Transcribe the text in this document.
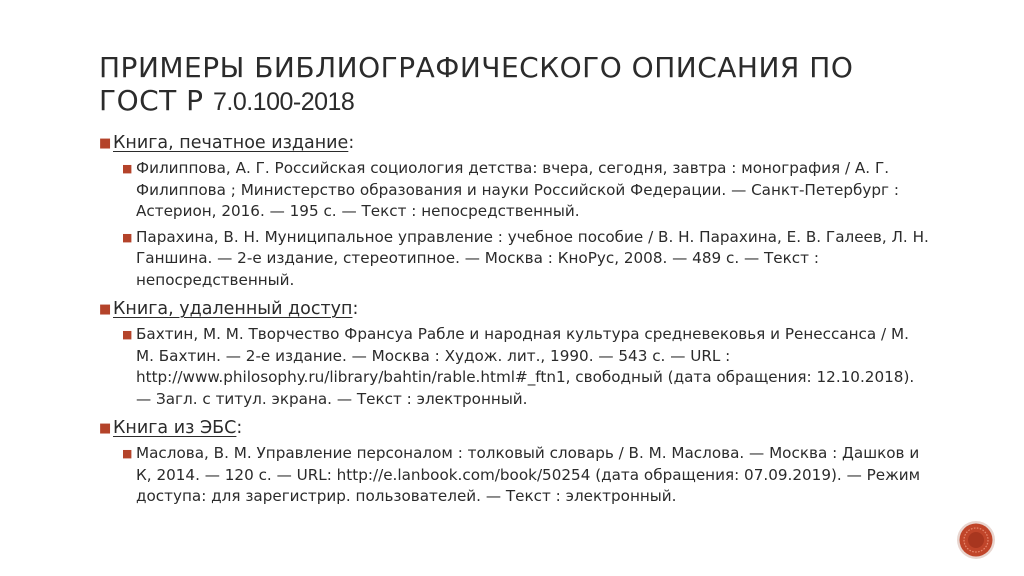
ПРИМЕРЫ БИБЛИОГРАФИЧЕСКОГО ОПИСАНИЯ ПО
ГОСТ Р 7.0.100-2018
■ Книга, печатное издание:
■ Филиппова, А. Г. Российская социология детства: вчера, сегодня, завтра : монография / А. Г. Филиппова ; Министерство образования и науки Российской Федерации. — Санкт-Петербург : Астерион, 2016. — 195 с. — Текст : непосредственный.
■ Парахина, В. Н. Муниципальное управление : учебное пособие / В. Н. Парахина, Е. В. Галеев, Л. Н. Ганшина. — 2-е издание, стереотипное. — Москва : КноРус, 2008. — 489 с. — Текст : непосредственный.
■ Книга, удаленный доступ:
■ Бахтин, М. М. Творчество Франсуа Рабле и народная культура средневековья и Ренессанса / М. М. Бахтин. — 2-е издание. — Москва : Худож. лит., 1990. — 543 с. — URL : http://www.philosophy.ru/library/bahtin/rable.html#_ftn1, свободный (дата обращения: 12.10.2018). — Загл. с титул. экрана. — Текст : электронный.
■ Книга из ЭБС:
■ Маслова, В. М. Управление персоналом : толковый словарь / В. М. Маслова. — Москва : Дашков и К, 2014. — 120 с. — URL: http://e.lanbook.com/book/50254 (дата обращения: 07.09.2019). — Режим доступа: для зарегистрир. пользователей. — Текст : электронный.
